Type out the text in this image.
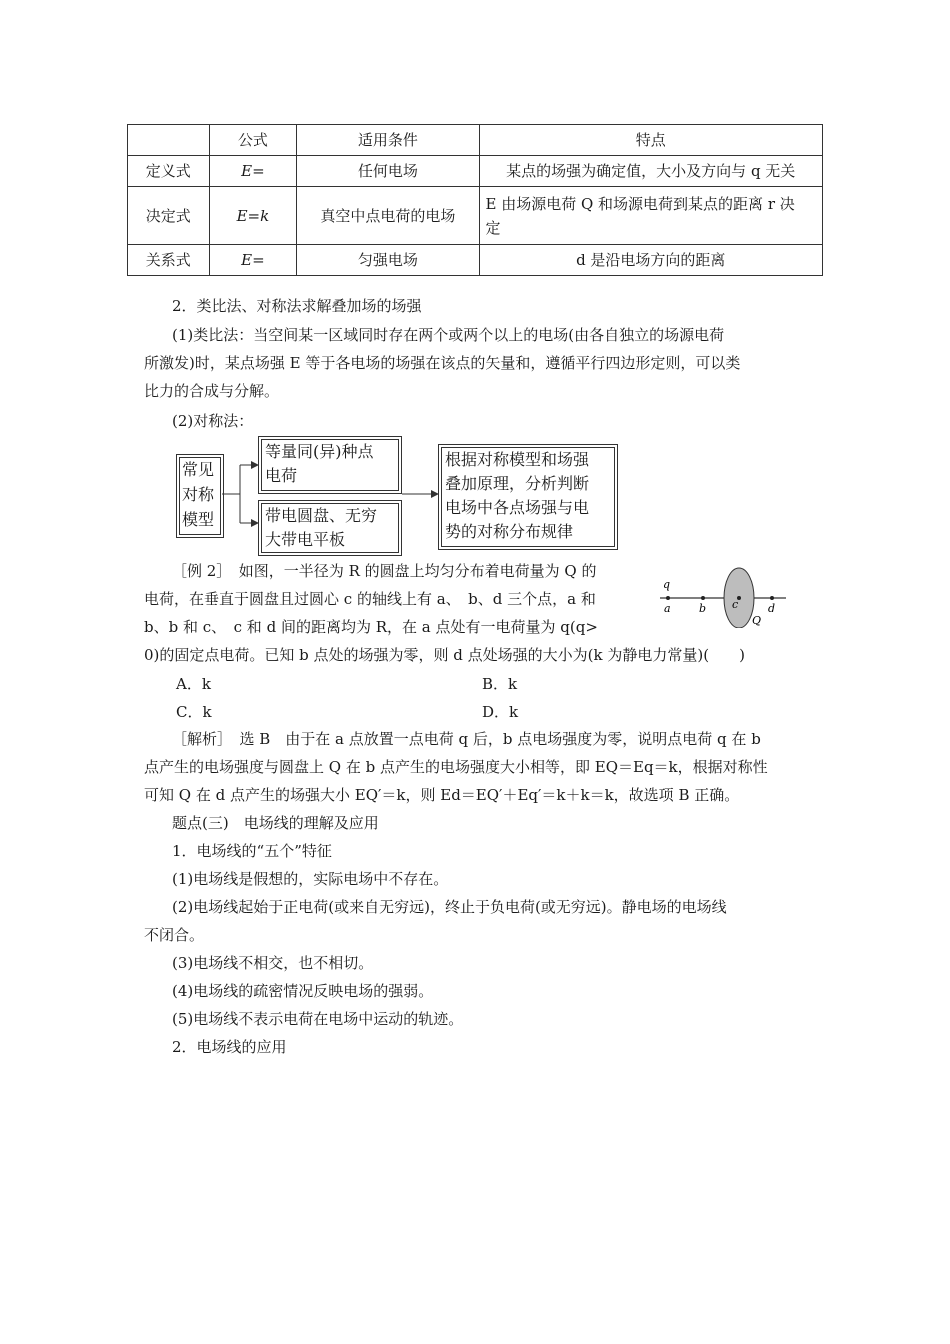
	公式	适用条件	特点
定义式	E=	任何电场	某点的场强为确定值，大小及方向与 q 无关
决定式	E=k	真空中点电荷的电场	E 由场源电荷 Q 和场源电荷到某点的距离 r 决
定

关系式	E=	匀强电场	d 是沿电场方向的距离
2．类比法、对称法求解叠加场的场强
(1)类比法：当空间某一区域同时存在两个或两个以上的电场(由各自独立的场源电荷
所激发)时，某点场强 E 等于各电场的场强在该点的矢量和，遵循平行四边形定则，可以类
比力的合成与分解。
(2)对称法：
常见
对称
模型
等量同(异)种点
电荷
带电圆盘、无穷
大带电平板
根据对称模型和场强
叠加原理，分析判断
电场中各点场强与电
势的对称分布规律
［例 2］　如图，一半径为 R 的圆盘上均匀分布着电荷量为 Q 的
电荷，在垂直于圆盘且过圆心 c 的轴线上有 a、　b、d 三个点，a 和
b、b 和 c、　c 和 d 间的距离均为 R，在 a 点处有一电荷量为 q(q>
0)的固定点电荷。已知 b 点处的场强为零，则 d 点处场强的大小为(k 为静电力常量)(　　)
q
a	b c	d
Q
A．k	B．k
C．k	D．k
［解析］　选 B　由于在 a 点放置一点电荷 q 后，b 点电场强度为零，说明点电荷 q 在 b
点产生的电场强度与圆盘上 Q 在 b 点产生的电场强度大小相等，即 EQ＝Eq＝k，根据对称性
可知 Q 在 d 点产生的场强大小 EQ′＝k，则 Ed＝EQ′＋Eq′＝k＋k＝k，故选项 B 正确。
题点(三)　电场线的理解及应用
1．电场线的“五个”特征
(1)电场线是假想的，实际电场中不存在。
(2)电场线起始于正电荷(或来自无穷远)，终止于负电荷(或无穷远)。静电场的电场线
不闭合。
(3)电场线不相交，也不相切。
(4)电场线的疏密情况反映电场的强弱。
(5)电场线不表示电荷在电场中运动的轨迹。
2．电场线的应用
